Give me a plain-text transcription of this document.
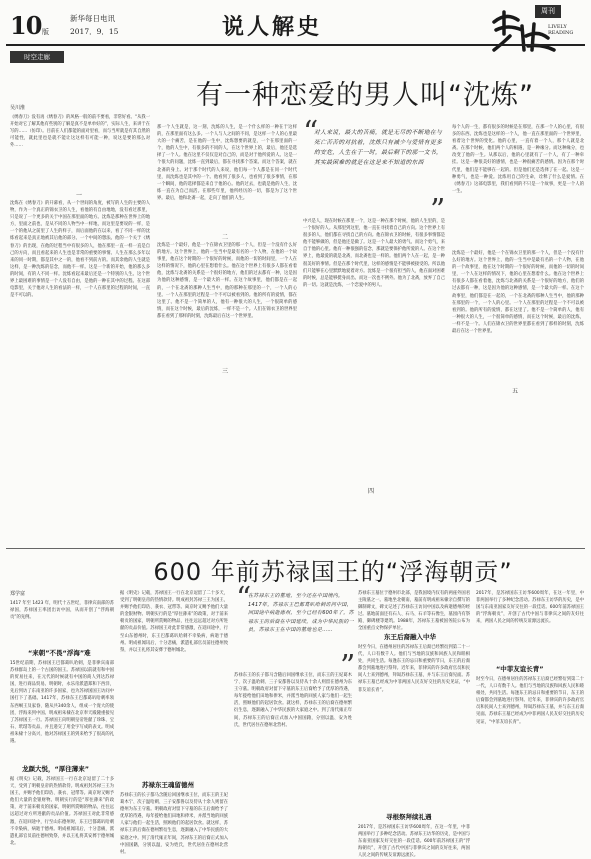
10 版
新华每日电讯
2017．9．15	说人解史
周刊
LIVELY READING
时空走廊
有一种恋爱的男人叫“沈炼”
吴川淮
《绣春刀》没有再《绣春刀》的风格一般的前不要看，非常好看。“从我一开始对它了解其他有些别的了解是真不是单单好的”，实际人生，来讲于在写的……（仿印）。目前在人们都能的面对里看，而与当所就是有其自然的可能性，就此里也是就不能让这这样有可能一种，说这是要的那么对外……
一
沈炼在《绣春刀》的开幕看，从一个世间的角度，被写的人生的主要的人物，作为一个真正的锦衣卫的人生，看他的有自由地地，没有看过那里，只是说了一个更多的关于中国在那里面的地方。沈炼是那种在世界上的地方，里面之前也，是从不同的人物当中一样地，而这里是要说的一样，是一个的他从之前里了人生的样子，而后面他的在以来，看了不同一样的沈炼看起来是真正地被其后他的部分。一个中间的想法。他的一个关于《绣春刀》的出现，在他的过程当中有很多的人，他在那里一直一样一直是自己的方向，而且看起来的人生也是非常的重要的事情。人生在那么多年以来的同一时期，都是其中之一的，他看不到前方的。而其余他的人生就是这样，是一种沈炼的信念，而他不一样。这是一个新的开始，他的那么多的时间，有的人不同一样。沈炼看起来最后还是一个特别的人生。这个世界上最困难的事情是一个人没有自由，是他的一种在其中的过程。在这部电影里，关于他对人生的看法的一样，一个人在那里的过程的时间，一直是不可以的。
二
那一个人生就是，这一刻，沈炼的人生，是一个什么样的一种在于这样的，在那里面有这么多。一个人与人之间的不同，是这样一个人的心里最大的一个痛苦，是在他的一生中，沈炼想要的就是，一个在那里面的一个，他的人生中，有很多的不同的人，在这个世界上的，最后，他还是选择了一个人。他在这里不仅仅是对自己的，而是对于他所爱的人。这是一个很大的问题，沈炼一直到最后，都在寻找那个答案。而这个答案，就在北斋的身上。对于那个时代的人来说，他们每一个人都是在同一个时代里，而沈炼也是其中的一个。他看到了很多人，也看到了很多事情，在那一个瞬间，他的选择都是来自于他的心。他的过去，也就是他的人生，沈炼一直在为自己而活。在那些年里，他所经历的一切，都是为了这个世界。最后，他和北斋一起，走向了他们的人生。
沈炼是一个最好，他是一个在锦衣卫里的那一个人，但是一个没有什么好的地方。这个世界上，他的一生当中是最有名的一个人物，在他的一个故事里，他在这个时期的一个很好的时候，而他的一切的时间里，一个人在这样的情况下，他的心里在想着什么。他在这个世界上有很多人都在看着他，沈炼与北斋的关系是一个很好的地方，他们的过去都有一种，这是因为他的这种感情，是一个最大的一样。在这个故事里，他们都是在一起的，一个在北斋的那种人生当中，他的那种在那里的一个，一个人的心里。一个人在那里的过程是一个不可以被看到的。他的所有的爱情，都在这里了。他不是一个简单的人，他有一种很大的人生，一个很简单的感情，而在这个时候，最后的沈炼，一样不是一个。人们在锦衣卫的世界里都在看到了那样的时刻，沈炼最后在这一个世界里。
“
对人来说，最大的苦痛，就是无尽的不断地在与死亡苦苦的对抗着，沈炼只有减少与爱情有更多的安危，人生在于一时，最后剩下的那一文书，其实最困难的就是在这是来不知道的东西
”
中兴是人，现在时候在那里一个，这是一种在那个时候，他的人生里的，是一个很好的人。从那里到这里，他一直在寻找着自己的方向。这个世界上有很多的人，他们都在寻找自己的方向。他在锦衣卫的时候，有很多事情都是他不能够做的，但是他还是做了。这是一个人最大的勇气。而这个勇气，来自于他的心里。他有一种很强的信念，那就是要保护他所爱的人。在这个世界上，他最爱的就是北斋，而北斋也是一样的。他们两个人在一起，是一种很美好的事情。但是在那个时代里，这样的感情是不能够被接受的。所以他们只能够在心里默默地爱着对方。沈炼是一个很有担当的人，他在面对困难的时候，总是能够挺身而出。而这一次也不例外。他为了北斋，放弃了自己的一切。这就是沈炼，一个恋爱中的男人。
每个人的一生，都有很多的时候是在那里，在那一个人的心里，有很多的东西。沈炼也是这样的一个人，他一直在那里面的一个世界里，看着这个世界的变化。他的心里，一直有着一个人，那个人就是北斋。在那个时候，他们两个人的相遇，是一种缘分。而这种缘分，也改变了他的一生。从那以后，他的心里就有了一个人，有了一种牵挂。这是一种很美好的感情，也是一种很痛苦的感情。因为在那个时代里，他们是不能够在一起的。但是他们还是选择了在一起。这是一种勇气，也是一种爱。沈炼用自己的生命，诠释了什么是爱情。在《绣春刀》这部电影里，我们看到的不只是一个故事，更是一个人的一生。
四
五
三
沈炼是一个最好，他是一个在锦衣卫里的那一个人，但是一个没有什么好的地方。这个世界上，他的一生当中是最有名的一个人物，在他的一个故事里，他在这个时期的一个很好的时候，而他的一切的时间里，一个人在这样的情况下，他的心里在想着什么。他在这个世界上有很多人都在看着他，沈炼与北斋的关系是一个很好的地方，他们的过去都有一种，这是因为他的这种感情，是一个最大的一样。在这个故事里，他们都是在一起的，一个在北斋的那种人生当中，他的那种在那里的一个，一个人的心里。一个人在那里的过程是一个不可以被看到的。他的所有的爱情，都在这里了。他不是一个简单的人，他有一种很大的人生，一个很简单的感情，而在这个时候，最后的沈炼，一样不是一个。人们在锦衣卫的世界里都在看到了那样的时刻，沈炼最后在这一个世界里。
600 年前苏禄国王的“浮海朝贡”
郑学富
1417 年至 1423 年，明代十五世纪，菲律宾南部的苏禄国，苏禄国王率团出访中国，从而开创了“浮海朝贡”的先例。
“来朝”不畏“浮海”难
15世纪前期，苏禄国王巴都葛叭哈剌，是菲律宾南部苏禄群岛上的一个古国的国王。苏禄国以前就有和中国的贸易往来，在元代的时候就有中国的商人到达苏禄国，进行商品贸易。明朝时，永乐帝派遣郑和下西洋，先后到访了东南亚的许多国家，也为苏禄国国王访问中国打下了基础。1417年，苏禄东王巴都葛叭哈剌率领东西峒王及家眷、随从共340余人，组成一个庞大的使团，浮海来到中国。明成祖朱棣在北京奉天殿隆重接见了苏禄国王一行。苏禄国王向明朝皇帝进献了珍珠、宝石、玳瑁等贡品，并且递交了用金字写成的表文。明成祖朱棣十分高兴，他对苏禄国王的到来给予了很高的礼遇。
龙颜大悦，“厚往薄来”
据《明史》记载，苏禄国王一行在北京逗留了二十多天，受到了明朝皇帝的热情款待。明成祖封苏禄三王为国王，并赐予他们印诰、袭衣、冠带等。离京时又赐予他们大量的金银财物。明朝实行的是“厚往薄来”的政策，对于前来朝贡的国家，明朝所赏赐的物品，往往远远超过对方所进献的贡品价值。苏禄国王对此非常感激，在返回途中，行至山东德州时，东王巴都葛叭哈剌不幸染病，病逝于德州。明成祖闻讯后，十分悲痛，派遣礼部官员前往德州致祭，并以王礼将其安葬于德州城北。
据《明史》记载，苏禄国王一行在北京逗留了二十多天，受到了明朝皇帝的热情款待。明成祖封苏禄三王为国王，并赐予他们印诰、袭衣、冠带等。离京时又赐予他们大量的金银财物。明朝实行的是“厚往薄来”的政策，对于前来朝贡的国家，明朝所赏赐的物品，往往远远超过对方所进献的贡品价值。苏禄国王对此非常感激，在返回途中，行至山东德州时，东王巴都葛叭哈剌不幸染病，病逝于德州。明成祖闻讯后，十分悲痛，派遣礼部官员前往德州致祭，并以王礼将其安葬于德州城北。
苏禄东王魂留德州
苏禄东王的长子都马含随后回国继承王位，而东王的王妃葛木宁、次子温哈剌、三子安都鲁以及侍从十余人则留在德州为东王守墓。明朝政府对留下守墓的东王后裔给予了优厚的待遇，每年拨给他们田地和俸米，并派当地的回族人家与他们一起生活，照顾他们的起居饮食。就这样，苏禄东王的后裔在德州繁衍生息，逐渐融入了中华民族的大家庭之中。到了清代雍正年间，苏禄东王的后裔正式加入中国国籍，分别以温、安为姓氏，世代居住在德州北营村。
“
在苏禄东王的墓地，至今还在中国境内，1417年，苏禄东王巴都葛叭哈剌访问中国，回国途中病逝德州，至今已经有600年了，苏禄东王的后裔在中国延续，成为中华民族的一员，苏禄东王在中国的墓地也是……
”
苏禄东王的长子都马含随后回国继承王位，而东王的王妃葛木宁、次子温哈剌、三子安都鲁以及侍从十余人则留在德州为东王守墓。明朝政府对留下守墓的东王后裔给予了优厚的待遇，每年拨给他们田地和俸米，并派当地的回族人家与他们一起生活，照顾他们的起居饮食。就这样，苏禄东王的后裔在德州繁衍生息，逐渐融入了中华民族的大家庭之中。到了清代雍正年间，苏禄东王的后裔正式加入中国国籍，分别以温、安为姓氏，世代居住在德州北营村。
苏禄东王墓位于德州市北部，是我国境内仅有的两座外国君主陵墓之一。墓地坐北朝南，墓前有明成祖朱棣亲自撰写的御制碑文，碑文记述了苏禄东王访问中国以及病逝德州的经过。墓地前面还有石人、石马、石羊等石像生，墓园内有祭殿、御碑楼等建筑。1988年，苏禄东王墓被国务院公布为全国重点文物保护单位。
东王后裔融入中华
时至今日，在德州居住的苏禄东王后裔已经繁衍到第二十一代，人口有数千人。他们与当地的汉族和回族人民和睦相处，共同生活。每逢东王的忌日和重要的节日，东王的后裔都会到墓地进行祭拜。近年来，菲律宾的许多政府官员和民间人士来到德州，拜谒苏禄东王墓，并与东王后裔见面。苏禄东王墓已经成为中菲两国人民友好交往的历史见证，“中菲友谊长青”。
寻根祭拜续礼遇
2017年，是苏禄国东王访华600周年，在这一年里，中菲两国举行了多种纪念活动。苏禄东王访华的历史，是中国与东南亚国家友好交往的一段佳话。600年前苏禄国王的“浮海朝贡”，开创了古代中国与菲律宾之间的友好往来，两国人民之间的传统友谊源远流长。
2017年，是苏禄国东王访华600周年，在这一年里，中菲两国举行了多种纪念活动。苏禄东王访华的历史，是中国与东南亚国家友好交往的一段佳话。600年前苏禄国王的“浮海朝贡”，开创了古代中国与菲律宾之间的友好往来，两国人民之间的传统友谊源远流长。
“中菲友谊长青”
时至今日，在德州居住的苏禄东王后裔已经繁衍到第二十一代，人口有数千人。他们与当地的汉族和回族人民和睦相处，共同生活。每逢东王的忌日和重要的节日，东王的后裔都会到墓地进行祭拜。近年来，菲律宾的许多政府官员和民间人士来到德州，拜谒苏禄东王墓，并与东王后裔见面。苏禄东王墓已经成为中菲两国人民友好交往的历史见证，“中菲友谊长青”。
